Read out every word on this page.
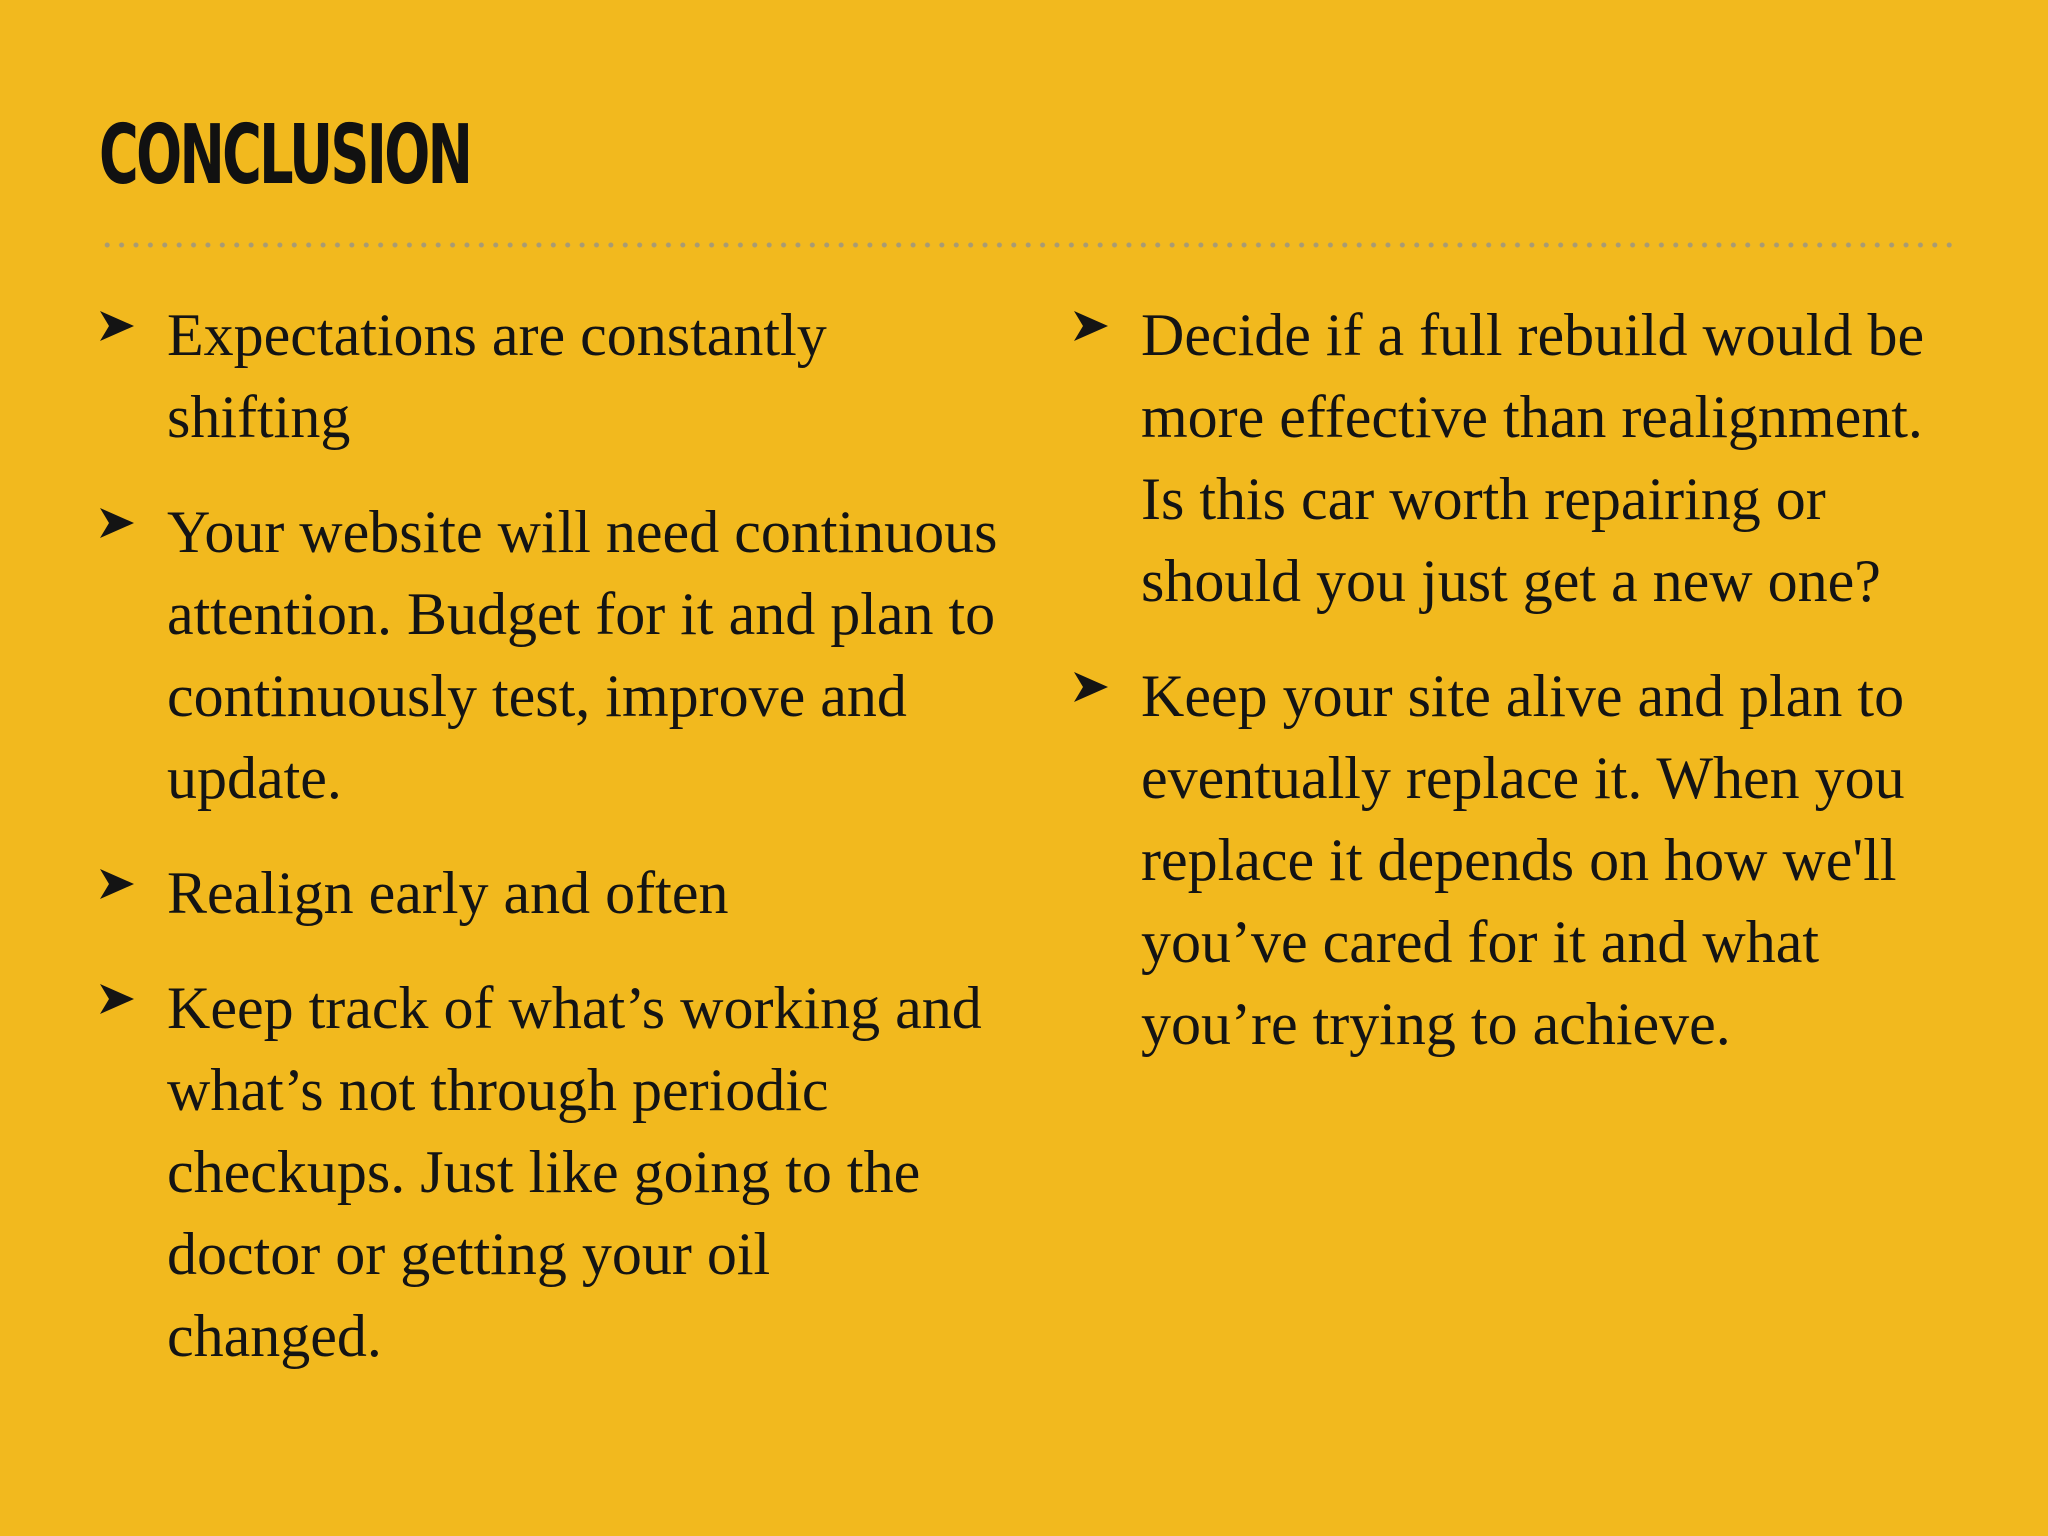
CONCLUSION
Expectations are constantly shifting
Your website will need continuous attention. Budget for it and plan to continuously test, improve and update.
Realign early and often
Keep track of what’s working and what’s not through periodic checkups. Just like going to the doctor or getting your oil changed.
Decide if a full rebuild would be more effective than realignment. Is this car worth repairing or should you just get a new one?
Keep your site alive and plan to eventually replace it. When you replace it depends on how we'll you’ve cared for it and what you’re trying to achieve.
